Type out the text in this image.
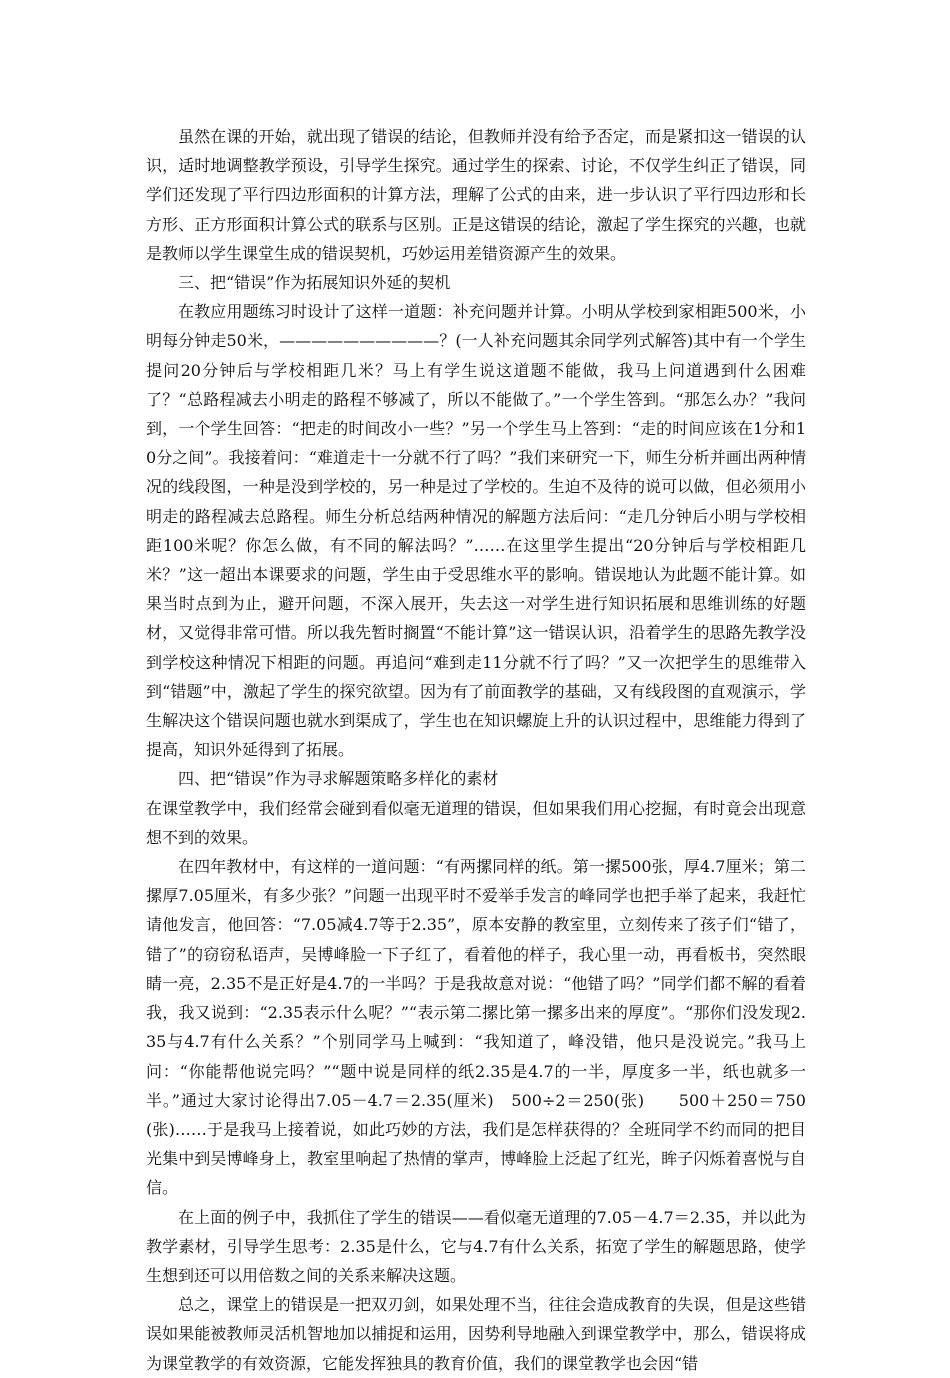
虽然在课的开始，就出现了错误的结论，但教师并没有给予否定，而是紧扣这一错误的认识，适时地调整教学预设，引导学生探究。通过学生的探索、讨论，不仅学生纠正了错误，同学们还发现了平行四边形面积的计算方法，理解了公式的由来，进一步认识了平行四边形和长方形、正方形面积计算公式的联系与区别。正是这错误的结论，激起了学生探究的兴趣，也就是教师以学生课堂生成的错误契机，巧妙运用差错资源产生的效果。

三、把“错误”作为拓展知识外延的契机

在教应用题练习时设计了这样一道题：补充问题并计算。小明从学校到家相距500米，小明每分钟走50米，——————————？(一人补充问题其余同学列式解答)其中有一个学生提问20分钟后与学校相距几米？马上有学生说这道题不能做，我马上问道遇到什么困难了？“总路程减去小明走的路程不够减了，所以不能做了。”一个学生答到。“那怎么办？”我问到，一个学生回答：“把走的时间改小一些？”另一个学生马上答到：“走的时间应该在1分和10分之间”。我接着问：“难道走十一分就不行了吗？”我们来研究一下，师生分析并画出两种情况的线段图，一种是没到学校的，另一种是过了学校的。生迫不及待的说可以做，但必须用小明走的路程减去总路程。师生分析总结两种情况的解题方法后问：“走几分钟后小明与学校相距100米呢？你怎么做，有不同的解法吗？”……在这里学生提出“20分钟后与学校相距几米？”这一超出本课要求的问题，学生由于受思维水平的影响。错误地认为此题不能计算。如果当时点到为止，避开问题，不深入展开，失去这一对学生进行知识拓展和思维训练的好题材，又觉得非常可惜。所以我先暂时搁置“不能计算”这一错误认识，沿着学生的思路先教学没到学校这种情况下相距的问题。再追问“难到走11分就不行了吗？”又一次把学生的思维带入到“错题”中，激起了学生的探究欲望。因为有了前面教学的基础，又有线段图的直观演示，学生解决这个错误问题也就水到渠成了，学生也在知识螺旋上升的认识过程中，思维能力得到了提高，知识外延得到了拓展。

四、把“错误”作为寻求解题策略多样化的素材

在课堂教学中，我们经常会碰到看似毫无道理的错误，但如果我们用心挖掘，有时竟会出现意想不到的效果。

在四年教材中，有这样的一道问题：“有两摞同样的纸。第一摞500张，厚4.7厘米；第二摞厚7.05厘米，有多少张？”问题一出现平时不爱举手发言的峰同学也把手举了起来，我赶忙请他发言，他回答：“7.05减4.7等于2.35”，原本安静的教室里，立刻传来了孩子们“错了，错了”的窃窃私语声，吴博峰脸一下子红了，看着他的样子，我心里一动，再看板书，突然眼睛一亮，2.35不是正好是4.7的一半吗？于是我故意对说：“他错了吗？”同学们都不解的看着我，我又说到：“2.35表示什么呢？”“表示第二摞比第一摞多出来的厚度”。“那你们没发现2.35与4.7有什么关系？”个别同学马上喊到：“我知道了，峰没错，他只是没说完。”我马上问：“你能帮他说完吗？”“题中说是同样的纸2.35是4.7的一半，厚度多一半，纸也就多一半。”通过大家讨论得出7.05－4.7＝2.35(厘米)　500÷2＝250(张)　　500＋250＝750(张)……于是我马上接着说，如此巧妙的方法，我们是怎样获得的？全班同学不约而同的把目光集中到吴博峰身上，教室里响起了热情的掌声，博峰脸上泛起了红光，眸子闪烁着喜悦与自信。

在上面的例子中，我抓住了学生的错误——看似毫无道理的7.05－4.7＝2.35，并以此为教学素材，引导学生思考：2.35是什么，它与4.7有什么关系，拓宽了学生的解题思路，使学生想到还可以用倍数之间的关系来解决这题。

总之，课堂上的错误是一把双刃剑，如果处理不当，往往会造成教育的失误，但是这些错误如果能被教师灵活机智地加以捕捉和运用，因势利导地融入到课堂教学中，那么，错误将成为课堂教学的有效资源，它能发挥独具的教育价值，我们的课堂教学也会因“错
